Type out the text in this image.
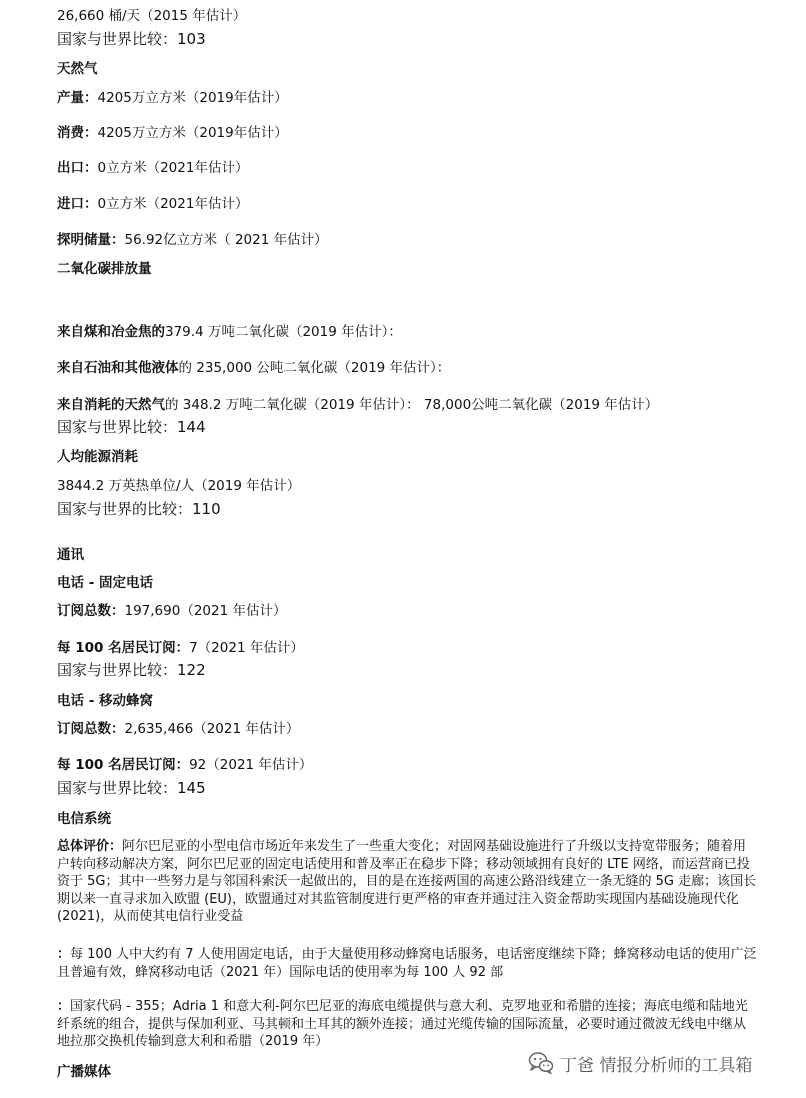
26,660 桶/天（2015 年估计）
国家与世界比较：103
天然气
产量：4205万立方米（2019年估计）
消费：4205万立方米（2019年估计）
出口：0立方米（2021年估计）
进口：0立方米（2021年估计）
探明储量：56.92亿立方米（ 2021 年估计）
二氧化碳排放量
来自煤和冶金焦的379.4 万吨二氧化碳（2019 年估计）：
来自石油和其他液体的 235,000 公吨二氧化碳（2019 年估计）：
来自消耗的天然气的 348.2 万吨二氧化碳（2019 年估计）： 78,000公吨二氧化碳（2019 年估计）
国家与世界比较：144
人均能源消耗
3844.2 万英热单位/人（2019 年估计）
国家与世界的比较：110
通讯
电话 - 固定电话
订阅总数：197,690（2021 年估计）
每 100 名居民订阅：7（2021 年估计）
国家与世界比较：122
电话 - 移动蜂窝
订阅总数：2,635,466（2021 年估计）
每 100 名居民订阅：92（2021 年估计）
国家与世界比较：145
电信系统
总体评价：阿尔巴尼亚的小型电信市场近年来发生了一些重大变化；对固网基础设施进行了升级以支持宽带服务；随着用户转向移动解决方案，阿尔巴尼亚的固定电话使用和普及率正在稳步下降；移动领域拥有良好的 LTE 网络，而运营商已投资于 5G；其中一些努力是与邻国科索沃一起做出的，目的是在连接两国的高速公路沿线建立一条无缝的 5G 走廊；该国长期以来一直寻求加入欧盟 (EU)，欧盟通过对其监管制度进行更严格的审查并通过注入资金帮助实现国内基础设施现代化 (2021)，从而使其电信行业受益
：每 100 人中大约有 7 人使用固定电话，由于大量使用移动蜂窝电话服务，电话密度继续下降；蜂窝移动电话的使用广泛且普遍有效，蜂窝移动电话（2021 年）国际电话的使用率为每 100 人 92 部
：国家代码 - 355；Adria 1 和意大利-阿尔巴尼亚的海底电缆提供与意大利、克罗地亚和希腊的连接；海底电缆和陆地光纤系统的组合，提供与保加利亚、马其顿和土耳其的额外连接；通过光缆传输的国际流量，必要时通过微波无线电中继从地拉那交换机传输到意大利和希腊（2019 年）
广播媒体	丁爸 情报分析师的工具箱
